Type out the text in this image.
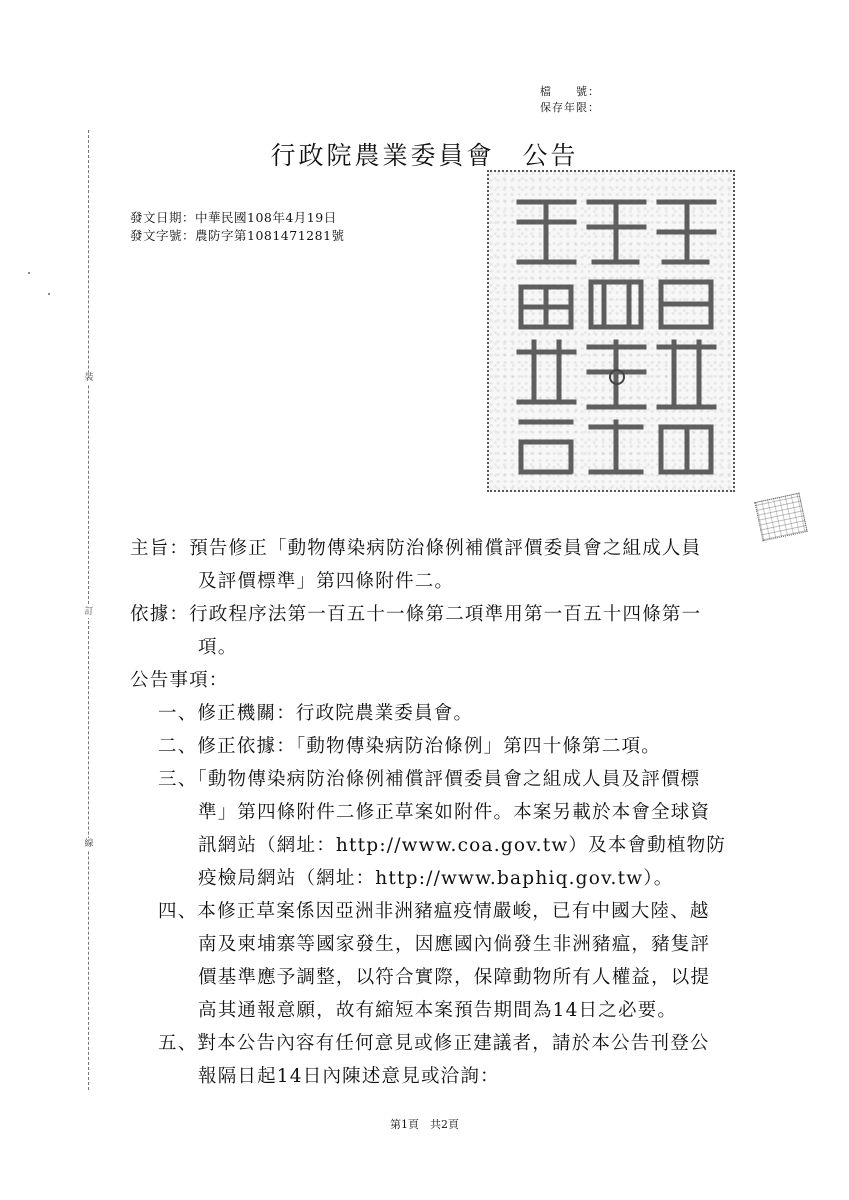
裝
訂
線
檔　　號：
保存年限：
行政院農業委員會　公告
發文日期：中華民國108年4月19日
發文字號：農防字第1081471281號
主旨：預告修正「動物傳染病防治條例補償評價委員會之組成人員
及評價標準」第四條附件二。
依據：行政程序法第一百五十一條第二項準用第一百五十四條第一
項。
公告事項：
一、修正機關：行政院農業委員會。
二、修正依據：「動物傳染病防治條例」第四十條第二項。
三、「動物傳染病防治條例補償評價委員會之組成人員及評價標
準」第四條附件二修正草案如附件。本案另載於本會全球資
訊網站（網址：http://www.coa.gov.tw）及本會動植物防
疫檢局網站（網址：http://www.baphiq.gov.tw）。
四、本修正草案係因亞洲非洲豬瘟疫情嚴峻，已有中國大陸、越
南及柬埔寨等國家發生，因應國內倘發生非洲豬瘟，豬隻評
價基準應予調整，以符合實際，保障動物所有人權益，以提
高其通報意願，故有縮短本案預告期間為14日之必要。
五、對本公告內容有任何意見或修正建議者，請於本公告刊登公
報隔日起14日內陳述意見或洽詢：
第1頁　共2頁
